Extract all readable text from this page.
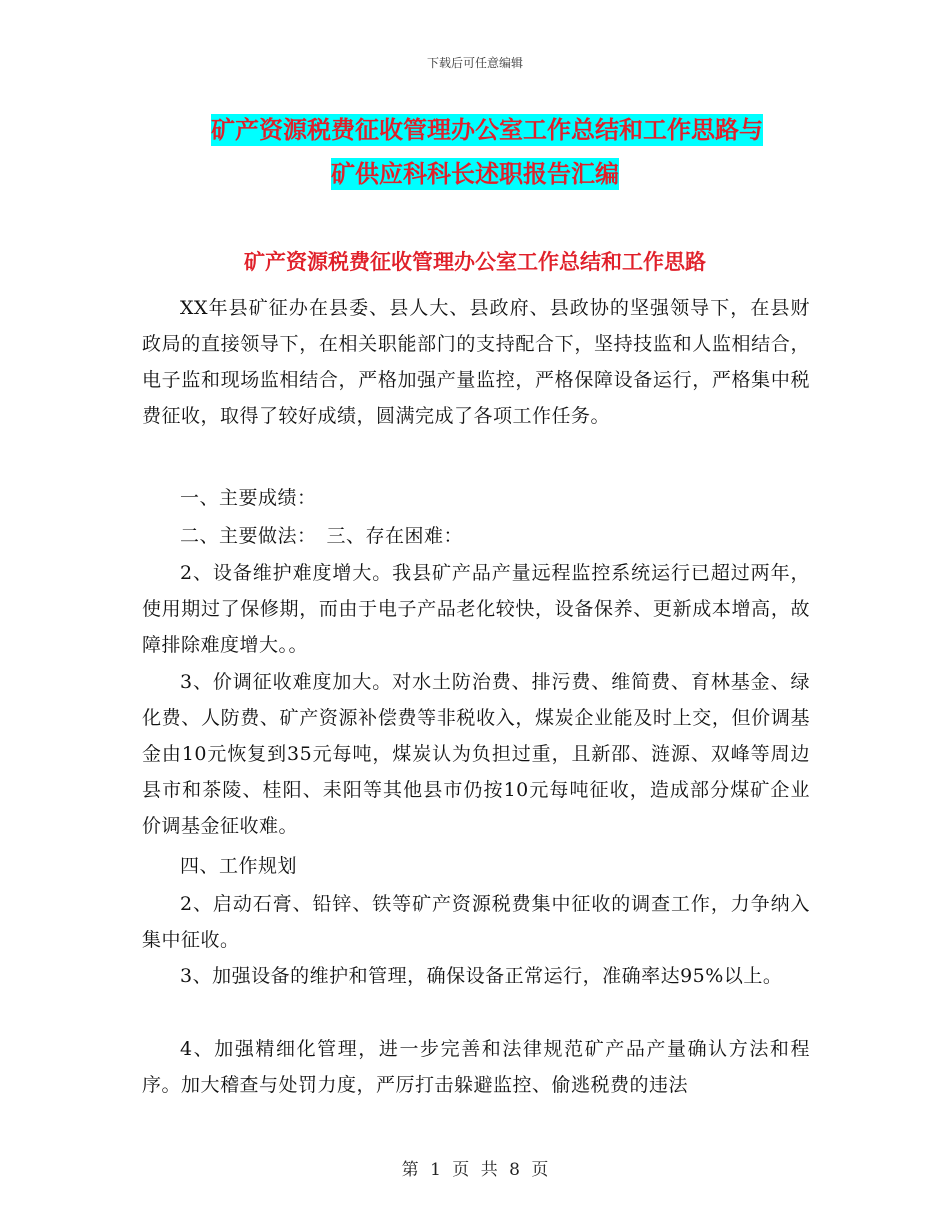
下载后可任意编辑
矿产资源税费征收管理办公室工作总结和工作思路与
矿供应科科长述职报告汇编
矿产资源税费征收管理办公室工作总结和工作思路

XX年县矿征办在县委、县人大、县政府、县政协的坚强领导下，在县财政局的直接领导下，在相关职能部门的支持配合下，坚持技监和人监相结合，电子监和现场监相结合，严格加强产量监控，严格保障设备运行，严格集中税费征收，取得了较好成绩，圆满完成了各项工作任务。

一、主要成绩：

二、主要做法：　三、存在困难：

2、设备维护难度增大。我县矿产品产量远程监控系统运行已超过两年，使用期过了保修期，而由于电子产品老化较快，设备保养、更新成本增高，故障排除难度增大。。

3、价调征收难度加大。对水土防治费、排污费、维简费、育林基金、绿化费、人防费、矿产资源补偿费等非税收入，煤炭企业能及时上交，但价调基金由10元恢复到35元每吨，煤炭认为负担过重，且新邵、涟源、双峰等周边县市和茶陵、桂阳、耒阳等其他县市仍按10元每吨征收，造成部分煤矿企业价调基金征收难。

四、工作规划

2、启动石膏、铅锌、铁等矿产资源税费集中征收的调查工作，力争纳入集中征收。

3、加强设备的维护和管理，确保设备正常运行，准确率达95%以上。

4、加强精细化管理，进一步完善和法律规范矿产品产量确认方法和程序。加大稽查与处罚力度，严厉打击躲避监控、偷逃税费的违法

第 1 页 共 8 页
